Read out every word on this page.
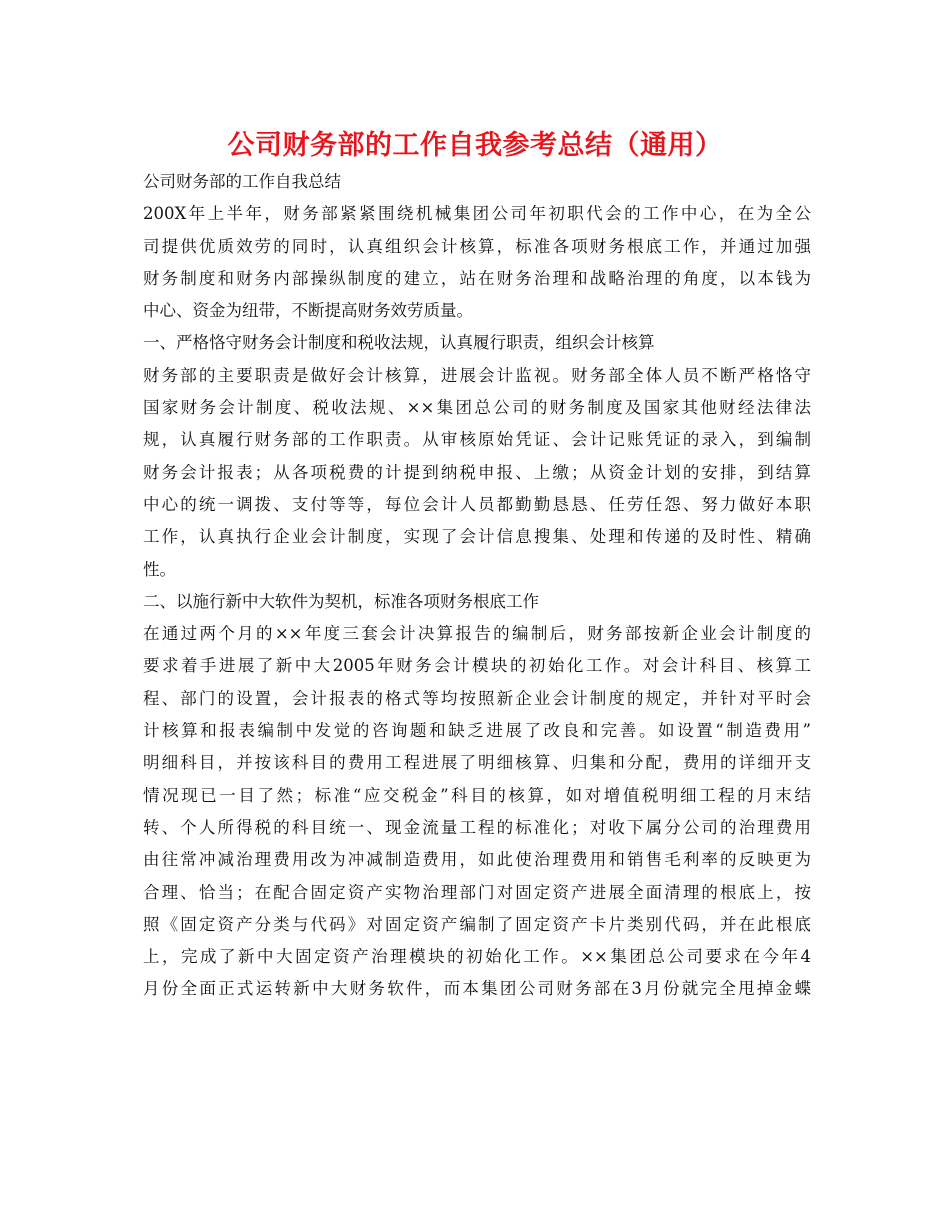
公司财务部的工作自我参考总结（通用）
公司财务部的工作自我总结
200X年上半年，财务部紧紧围绕机械集团公司年初职代会的工作中心，在为全公
司提供优质效劳的同时，认真组织会计核算，标准各项财务根底工作，并通过加强
财务制度和财务内部操纵制度的建立，站在财务治理和战略治理的角度，以本钱为
中心、资金为纽带，不断提高财务效劳质量。
一、严格恪守财务会计制度和税收法规，认真履行职责，组织会计核算
财务部的主要职责是做好会计核算，进展会计监视。财务部全体人员不断严格恪守
国家财务会计制度、税收法规、××集团总公司的财务制度及国家其他财经法律法
规，认真履行财务部的工作职责。从审核原始凭证、会计记账凭证的录入，到编制
财务会计报表；从各项税费的计提到纳税申报、上缴；从资金计划的安排，到结算
中心的统一调拨、支付等等，每位会计人员都勤勤恳恳、任劳任怨、努力做好本职
工作，认真执行企业会计制度，实现了会计信息搜集、处理和传递的及时性、精确
性。
二、以施行新中大软件为契机，标准各项财务根底工作
在通过两个月的××年度三套会计决算报告的编制后，财务部按新企业会计制度的
要求着手进展了新中大2005年财务会计模块的初始化工作。对会计科目、核算工
程、部门的设置，会计报表的格式等均按照新企业会计制度的规定，并针对平时会
计核算和报表编制中发觉的咨询题和缺乏进展了改良和完善。如设置“制造费用”
明细科目，并按该科目的费用工程进展了明细核算、归集和分配，费用的详细开支
情况现已一目了然；标准“应交税金”科目的核算，如对增值税明细工程的月末结
转、个人所得税的科目统一、现金流量工程的标准化；对收下属分公司的治理费用
由往常冲减治理费用改为冲减制造费用，如此使治理费用和销售毛利率的反映更为
合理、恰当；在配合固定资产实物治理部门对固定资产进展全面清理的根底上，按
照《固定资产分类与代码》对固定资产编制了固定资产卡片类别代码，并在此根底
上，完成了新中大固定资产治理模块的初始化工作。××集团总公司要求在今年4
月份全面正式运转新中大财务软件，而本集团公司财务部在3月份就完全甩掉金蝶
